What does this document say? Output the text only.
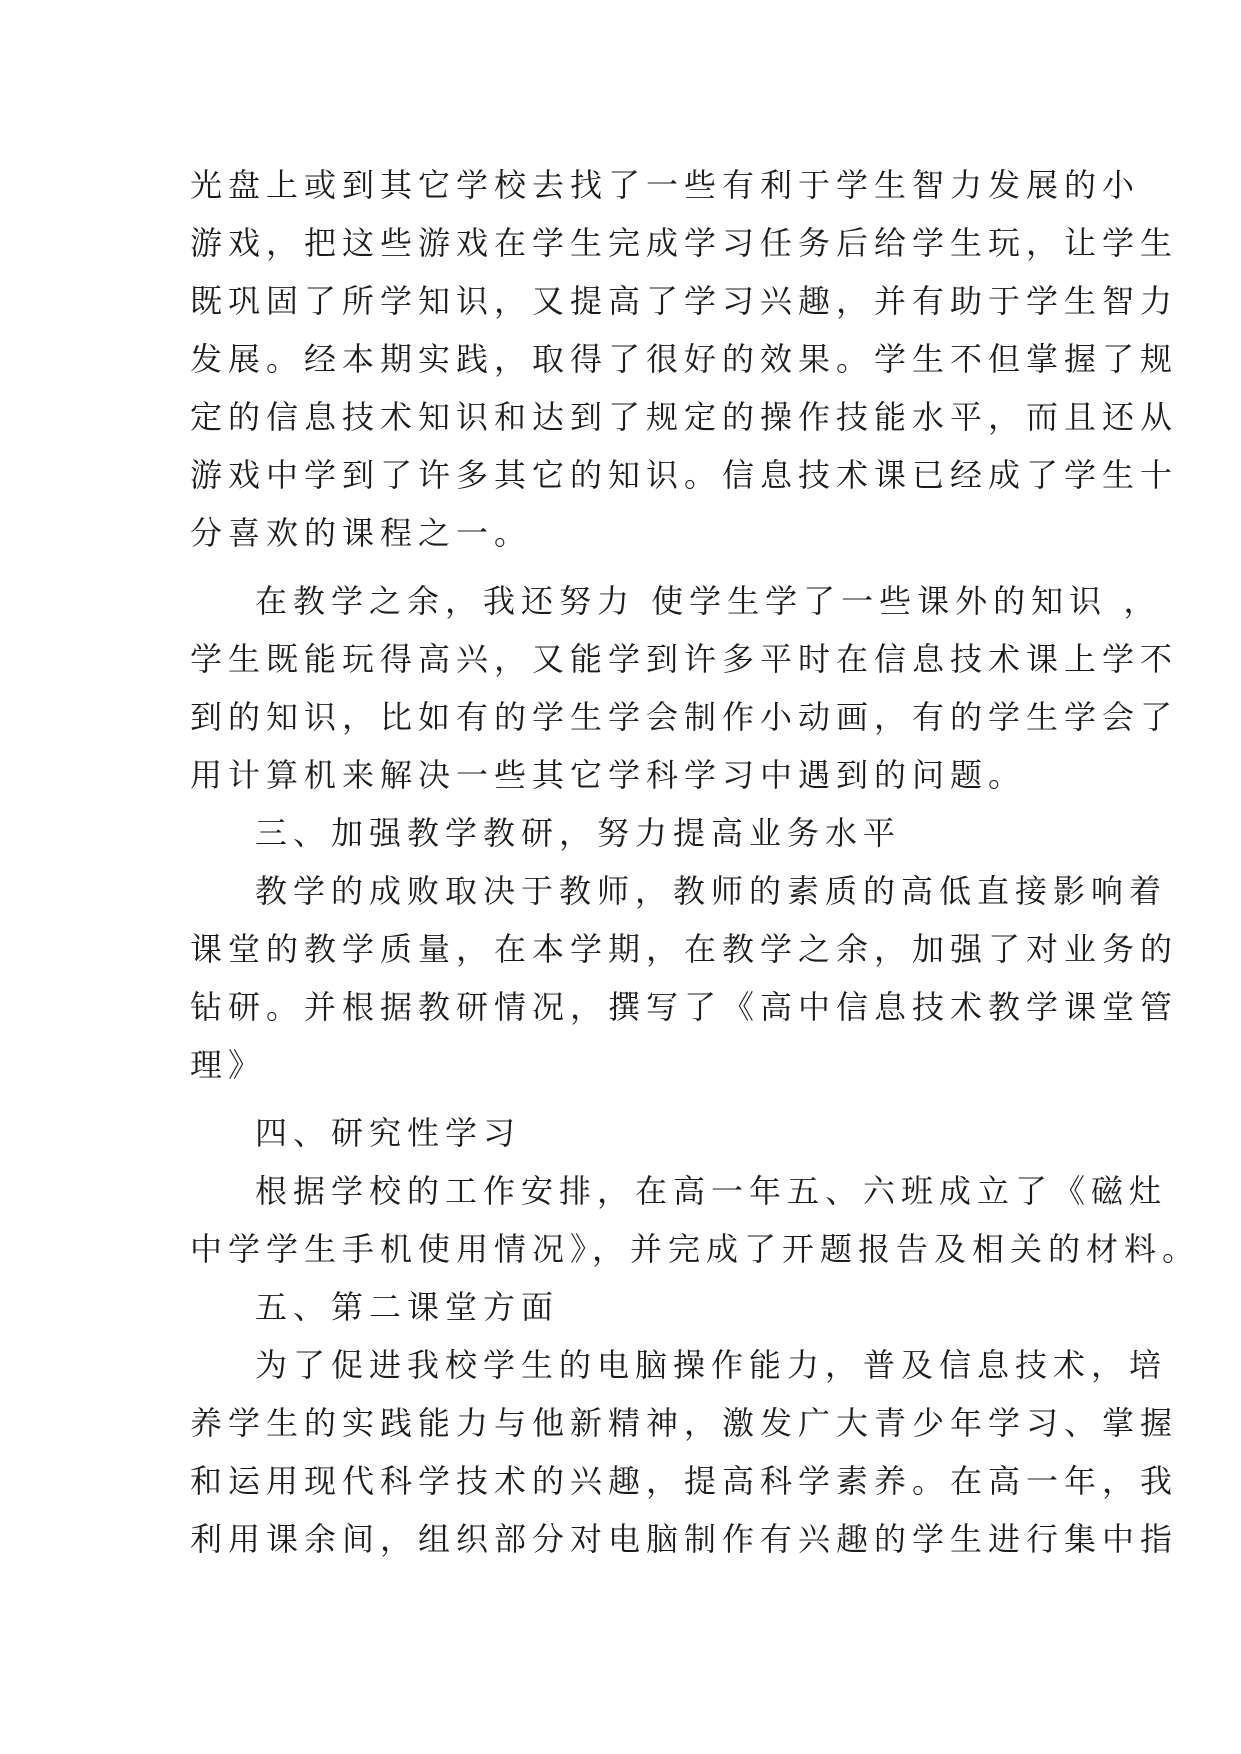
光盘上或到其它学校去找了一些有利于学生智力发展的小

游戏，把这些游戏在学生完成学习任务后给学生玩，让学生

既巩固了所学知识，又提高了学习兴趣，并有助于学生智力

发展。经本期实践，取得了很好的效果。学生不但掌握了规

定的信息技术知识和达到了规定的操作技能水平，而且还从

游戏中学到了许多其它的知识。信息技术课已经成了学生十

分喜欢的课程之一。

在教学之余，我还努力 使学生学了一些课外的知识 ，

学生既能玩得高兴，又能学到许多平时在信息技术课上学不

到的知识，比如有的学生学会制作小动画，有的学生学会了

用计算机来解决一些其它学科学习中遇到的问题。

三、加强教学教研，努力提高业务水平

教学的成败取决于教师，教师的素质的高低直接影响着

课堂的教学质量，在本学期，在教学之余，加强了对业务的

钻研。并根据教研情况，撰写了《高中信息技术教学课堂管

理》

四、研究性学习

根据学校的工作安排，在高一年五、六班成立了《磁灶

中学学生手机使用情况》，并完成了开题报告及相关的材料。

五、第二课堂方面

为了促进我校学生的电脑操作能力，普及信息技术，培

养学生的实践能力与他新精神，激发广大青少年学习、掌握

和运用现代科学技术的兴趣，提高科学素养。在高一年，我

利用课余间，组织部分对电脑制作有兴趣的学生进行集中指
